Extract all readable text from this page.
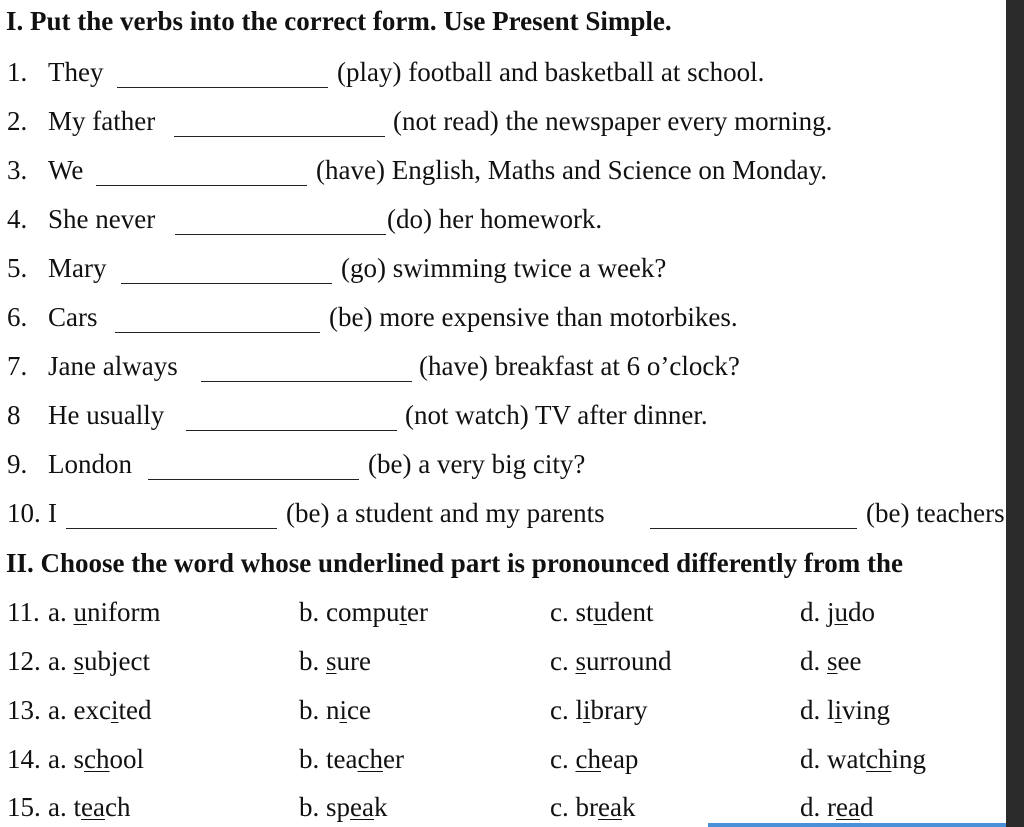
I. Put the verbs into the correct form. Use Present Simple.
1. They	(play) football and basketball at school.
2. My father	(not read) the newspaper every morning.
3. We	(have) English, Maths and Science on Monday.
4. She never	(do) her homework.
5. Mary	(go) swimming twice a week?
6. Cars	(be) more expensive than motorbikes.
7. Jane always	(have) breakfast at 6 o’clock?
8 He usually	(not watch) TV after dinner.
9. London	(be) a very big city?
10. I	(be) a student and my parents	(be) teachers
II. Choose the word whose underlined part is pronounced differently from the
11. a. uniform	b. computer	c. student	d. judo
12. a. subject	b. sure	c. surround	d. see
13. a. excited	b. nice	c. library	d. living
14. a. school	b. teacher	c. cheap	d. watching
15. a. teach	b. speak	c. break	d. read
